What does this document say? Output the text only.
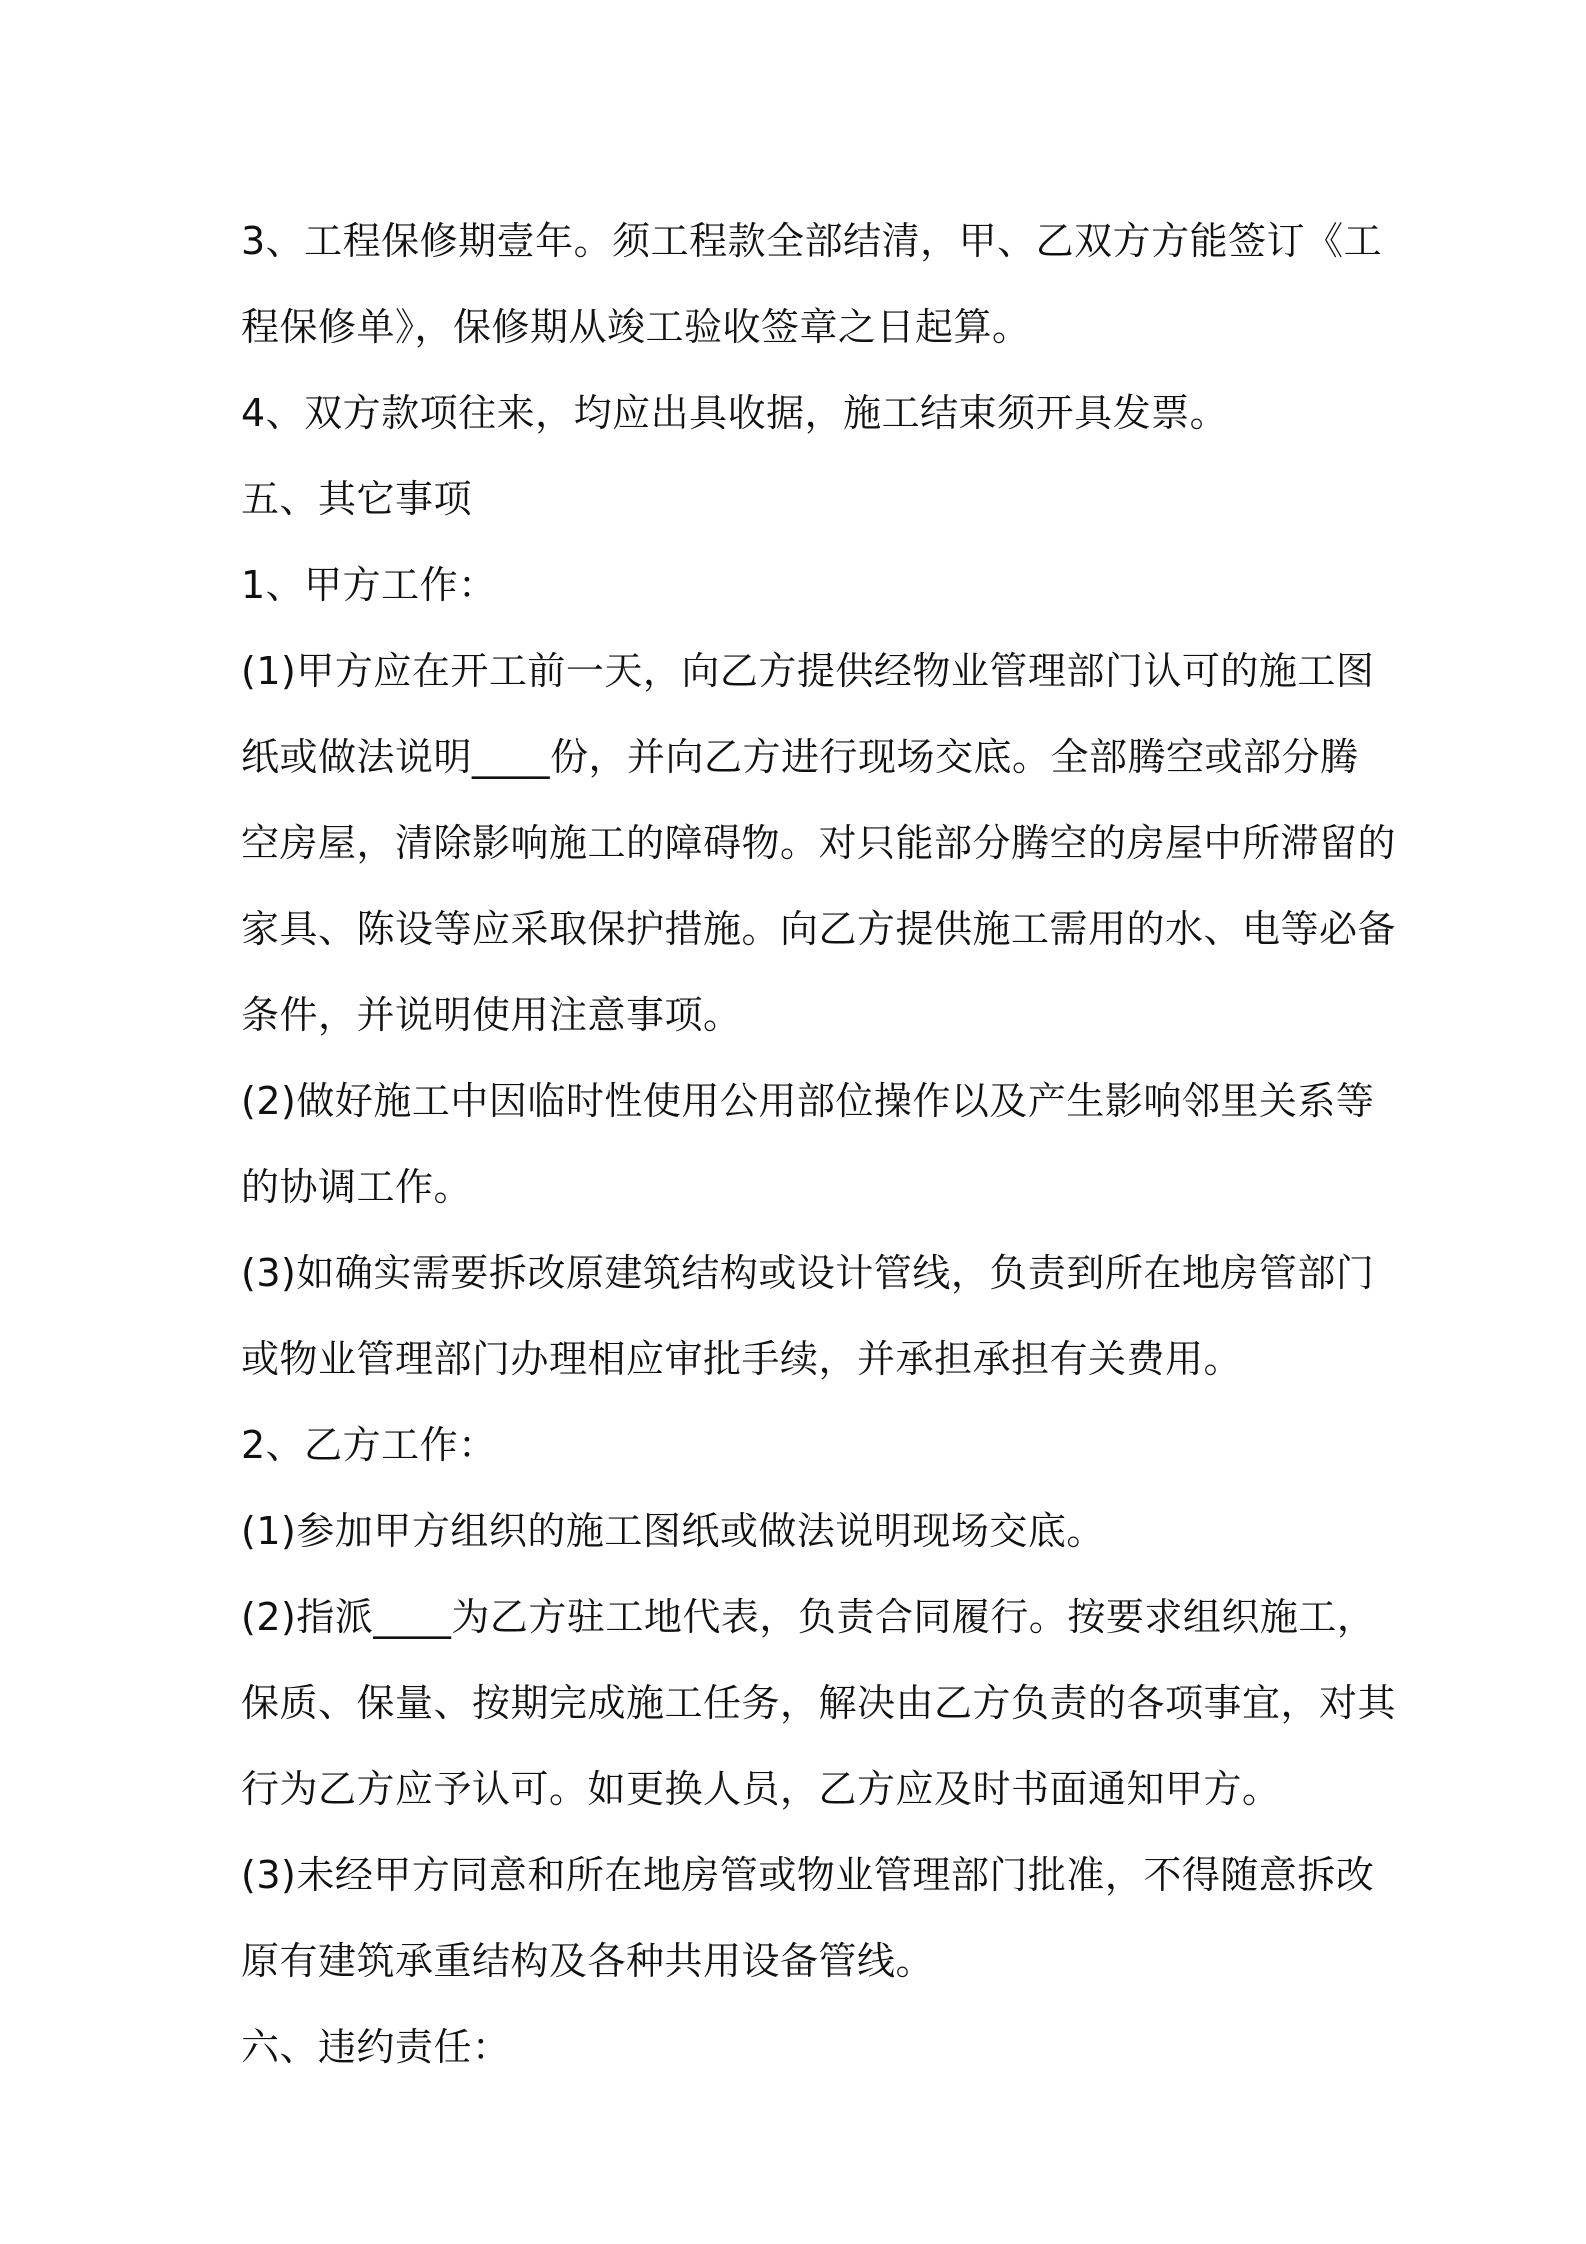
3、工程保修期壹年。须工程款全部结清，甲、乙双方方能签订《工
程保修单》，保修期从竣工验收签章之日起算。

4、双方款项往来，均应出具收据，施工结束须开具发票。

五、其它事项

1、甲方工作：

(1)甲方应在开工前一天，向乙方提供经物业管理部门认可的施工图
纸或做法说明____份，并向乙方进行现场交底。全部腾空或部分腾
空房屋，清除影响施工的障碍物。对只能部分腾空的房屋中所滞留的
家具、陈设等应采取保护措施。向乙方提供施工需用的水、电等必备
条件，并说明使用注意事项。

(2)做好施工中因临时性使用公用部位操作以及产生影响邻里关系等
的协调工作。

(3)如确实需要拆改原建筑结构或设计管线，负责到所在地房管部门
或物业管理部门办理相应审批手续，并承担承担有关费用。

2、乙方工作：

(1)参加甲方组织的施工图纸或做法说明现场交底。

(2)指派____为乙方驻工地代表，负责合同履行。按要求组织施工，
保质、保量、按期完成施工任务，解决由乙方负责的各项事宜，对其
行为乙方应予认可。如更换人员，乙方应及时书面通知甲方。

(3)未经甲方同意和所在地房管或物业管理部门批准，不得随意拆改
原有建筑承重结构及各种共用设备管线。

六、违约责任：
